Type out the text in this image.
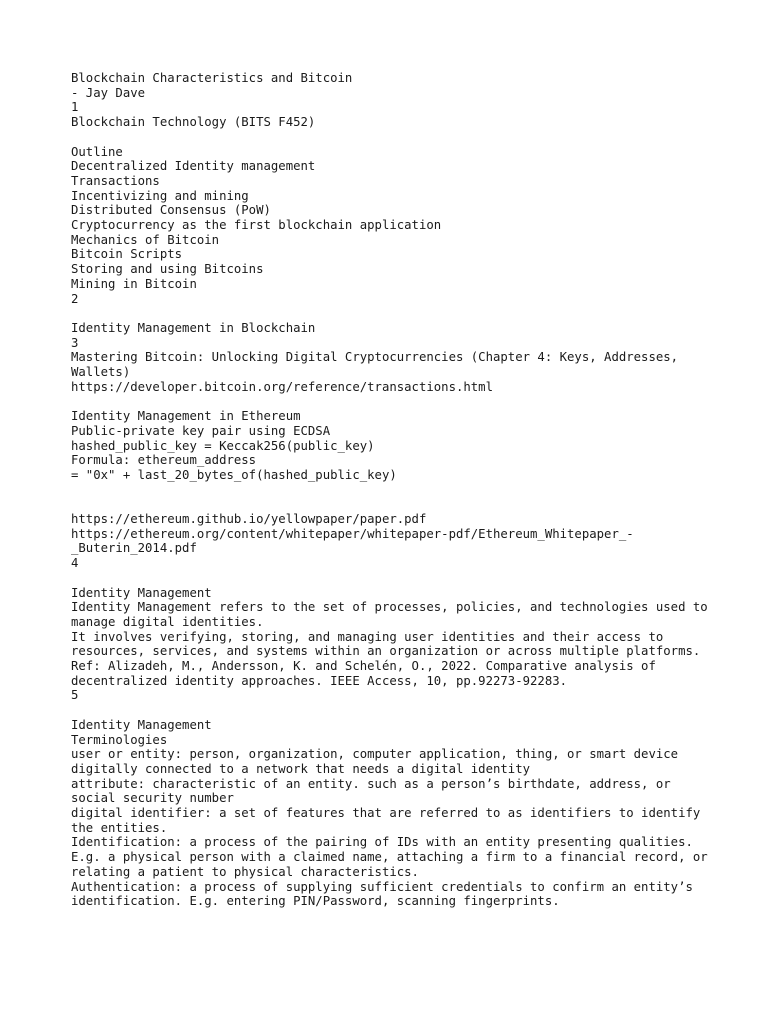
Blockchain Characteristics and Bitcoin
- Jay Dave
1
Blockchain Technology (BITS F452)
Outline
Decentralized Identity management
Transactions
Incentivizing and mining
Distributed Consensus (PoW)
Cryptocurrency as the first blockchain application
Mechanics of Bitcoin
Bitcoin Scripts
Storing and using Bitcoins
Mining in Bitcoin
2
Identity Management in Blockchain
3
Mastering Bitcoin: Unlocking Digital Cryptocurrencies (Chapter 4: Keys, Addresses, Wallets)
https://developer.bitcoin.org/reference/transactions.html
Identity Management in Ethereum
Public-private key pair using ECDSA
hashed_public_key = Keccak256(public_key)
Formula: ethereum_address
= "0x" + last_20_bytes_of(hashed_public_key)
https://ethereum.github.io/yellowpaper/paper.pdf
https://ethereum.org/content/whitepaper/whitepaper-pdf/Ethereum_Whitepaper_-_Buterin_2014.pdf
4
Identity Management
Identity Management refers to the set of processes, policies, and technologies used to manage digital identities.
It involves verifying, storing, and managing user identities and their access to resources, services, and systems within an organization or across multiple platforms.
Ref: Alizadeh, M., Andersson, K. and Schelén, O., 2022. Comparative analysis of decentralized identity approaches. IEEE Access, 10, pp.92273-92283.
5
Identity Management
Terminologies
user or entity: person, organization, computer application, thing, or smart device digitally connected to a network that needs a digital identity
attribute: characteristic of an entity. such as a person’s birthdate, address, or social security number
digital identifier: a set of features that are referred to as identifiers to identify the entities.
Identification: a process of the pairing of IDs with an entity presenting qualities. E.g. a physical person with a claimed name, attaching a firm to a financial record, or relating a patient to physical characteristics.
Authentication: a process of supplying sufficient credentials to confirm an entity’s identification. E.g. entering PIN/Password, scanning fingerprints.
